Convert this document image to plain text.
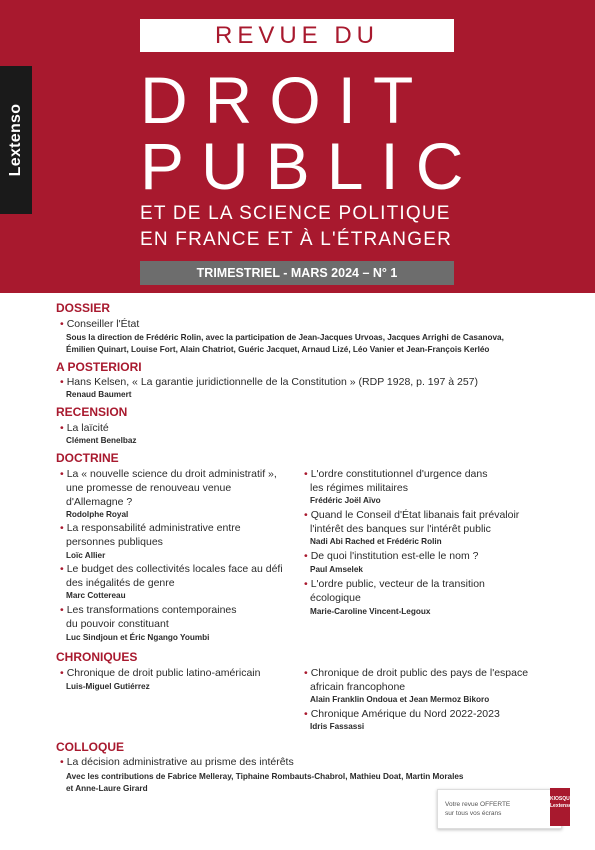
Lextenso
REVUE DU
DROIT
PUBLIC
ET DE LA SCIENCE POLITIQUE
EN FRANCE ET À L'ÉTRANGER
TRIMESTRIEL - MARS 2024 – N° 1
DOSSIER
• Conseiller l'État
Sous la direction de Frédéric Rolin, avec la participation de Jean-Jacques Urvoas, Jacques Arrighi de Casanova,
Émilien Quinart, Louise Fort, Alain Chatriot, Guéric Jacquet, Arnaud Lizé, Léo Vanier et Jean-François Kerléo
A POSTERIORI
• Hans Kelsen, « La garantie juridictionnelle de la Constitution » (RDP 1928, p. 197 à 257)
Renaud Baumert
RECENSION
• La laïcité
Clément Benelbaz
DOCTRINE
• La « nouvelle science du droit administratif »,
une promesse de renouveau venue
d'Allemagne ?
Rodolphe Royal
• La responsabilité administrative entre
personnes publiques
Loïc Allier
• Le budget des collectivités locales face au défi
des inégalités de genre
Marc Cottereau
• Les transformations contemporaines
du pouvoir constituant
Luc Sindjoun et Éric Ngango Youmbi
• L'ordre constitutionnel d'urgence dans
les régimes militaires
Frédéric Joël Aïvo
• Quand le Conseil d'État libanais fait prévaloir
l'intérêt des banques sur l'intérêt public
Nadi Abi Rached et Frédéric Rolin
• De quoi l'institution est-elle le nom ?
Paul Amselek
• L'ordre public, vecteur de la transition
écologique
Marie-Caroline Vincent-Legoux
CHRONIQUES
• Chronique de droit public latino-américain
Luis-Miguel Gutiérrez
• Chronique de droit public des pays de l'espace
africain francophone
Alain Franklin Ondoua et Jean Mermoz Bikoro
• Chronique Amérique du Nord 2022-2023
Idris Fassassi
COLLOQUE
• La décision administrative au prisme des intérêts
Avec les contributions de Fabrice Melleray, Tiphaine Rombauts-Chabrol, Mathieu Doat, Martin Morales
et Anne-Laure Girard
Votre revue OFFERTE
sur tous vos écrans
KIOSQUE
Lextenso
